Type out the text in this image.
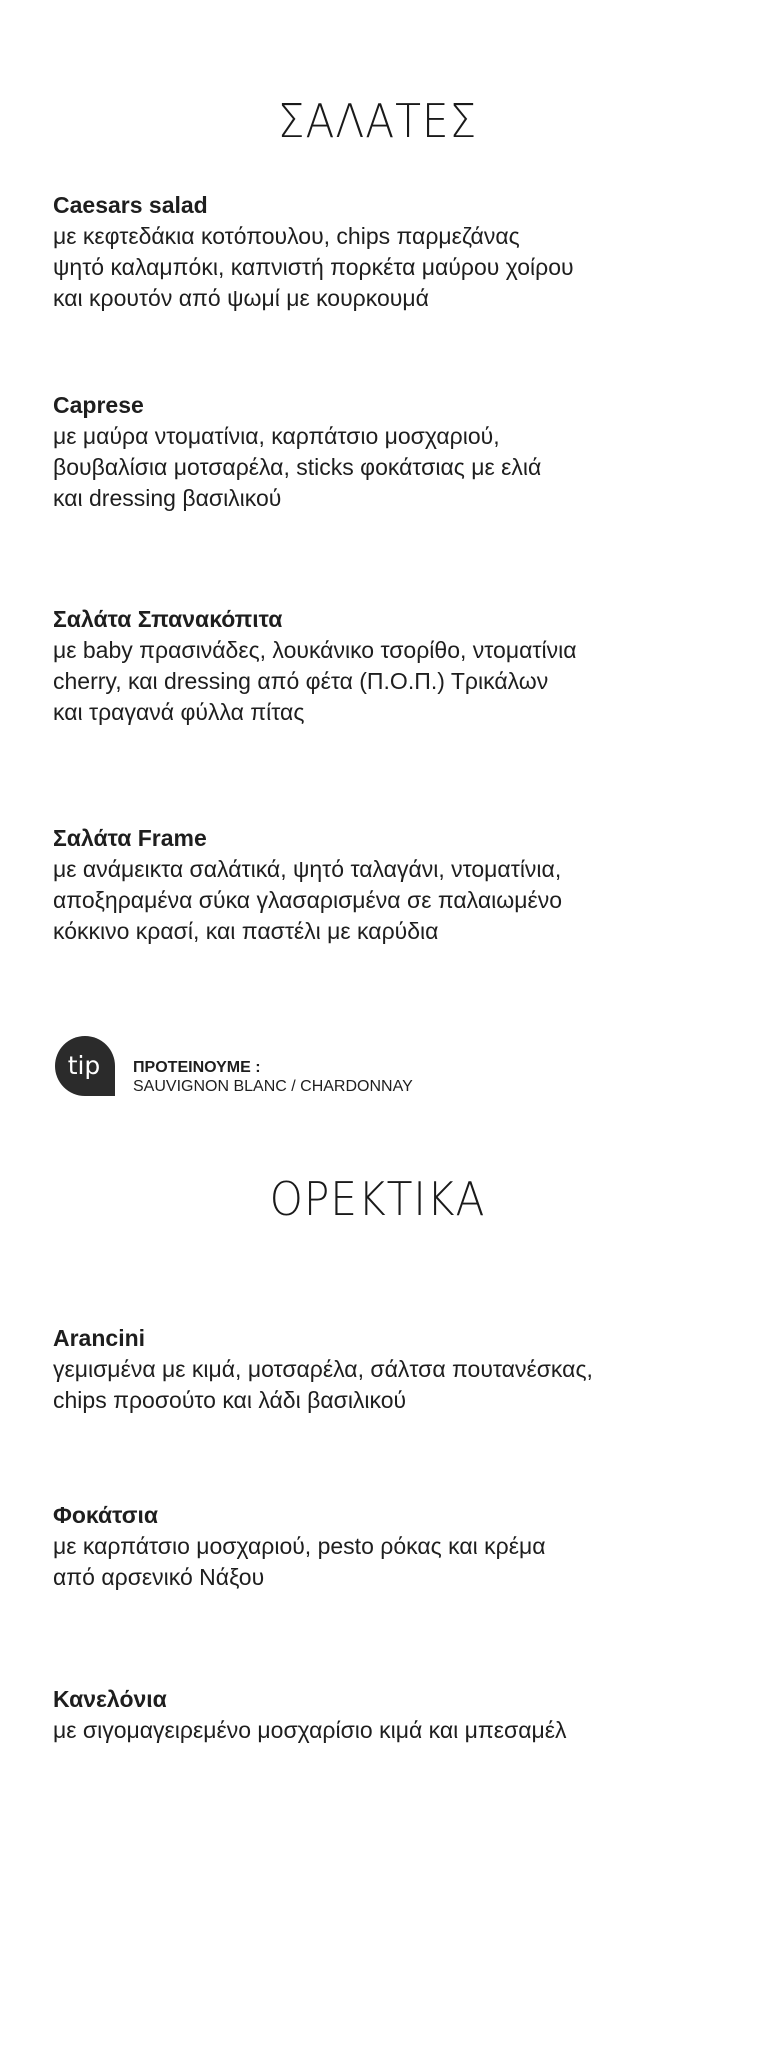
ΣΑΛΑΤΕΣ

Caesars salad

με κεφτεδάκια κοτόπουλου, chips παρμεζάνας
ψητό καλαμπόκι, καπνιστή πορκέτα μαύρου χοίρου
και κρουτόν από ψωμί με κουρκουμά

Caprese

με μαύρα ντοματίνια, καρπάτσιο μοσχαριού,
βουβαλίσια μοτσαρέλα, sticks φοκάτσιας με ελιά
και dressing βασιλικού

Σαλάτα Σπανακόπιτα

με baby πρασινάδες, λουκάνικο τσορίθο, ντοματίνια
cherry, και dressing από φέτα (Π.Ο.Π.) Τρικάλων
και τραγανά φύλλα πίτας

Σαλάτα Frame

με ανάμεικτα σαλάτικά, ψητό ταλαγάνι, ντοματίνια,
αποξηραμένα σύκα γλασαρισμένα σε παλαιωμένο
κόκκινο κρασί, και παστέλι με καρύδια

tip ΠΡΟΤΕΙΝΟΥΜΕ :
SAUVIGNON BLANC / CHARDONNAY
ΟΡΕΚΤΙΚΑ

Arancini

γεμισμένα με κιμά, μοτσαρέλα, σάλτσα πουτανέσκας,
chips προσούτο και λάδι βασιλικού

Φοκάτσια

με καρπάτσιο μοσχαριού, pesto ρόκας και κρέμα
από αρσενικό Νάξου

Κανελόνια

με σιγομαγειρεμένο μοσχαρίσιο κιμά και μπεσαμέλ
